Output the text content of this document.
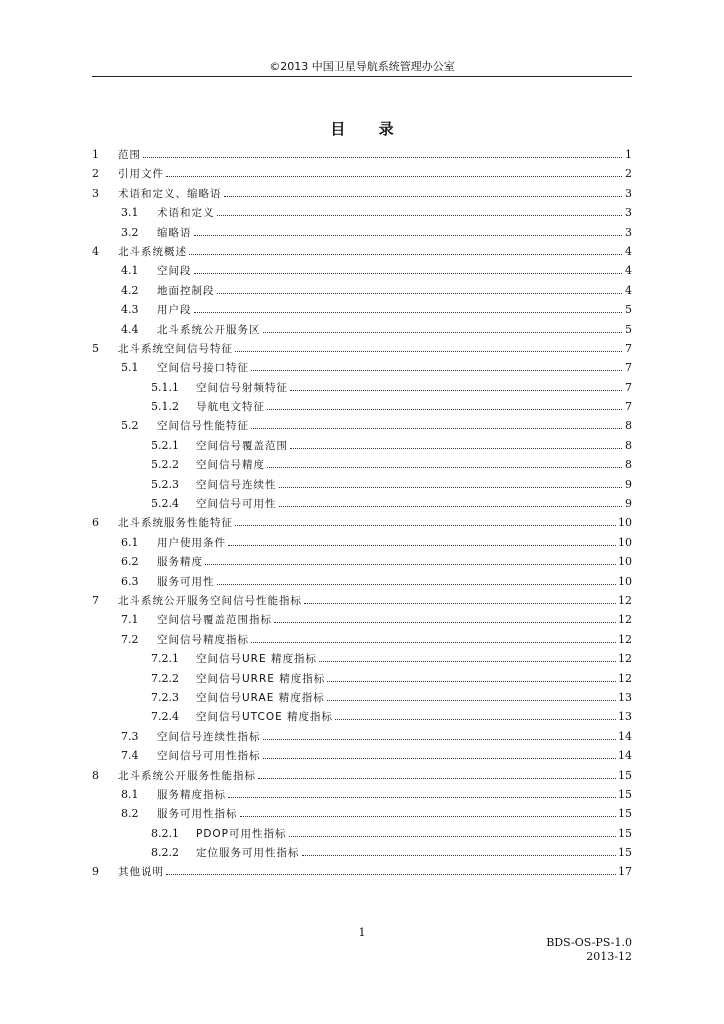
©2013 中国卫星导航系统管理办公室
目 录
1	范围	1
2	引用文件	2
3	术语和定义、缩略语	3
3.1	术语和定义	3
3.2	缩略语	3
4	北斗系统概述	4
4.1	空间段	4
4.2	地面控制段	4
4.3	用户段	5
4.4	北斗系统公开服务区	5
5	北斗系统空间信号特征	7
5.1	空间信号接口特征	7
5.1.1	空间信号射频特征	7
5.1.2	导航电文特征	7
5.2	空间信号性能特征	8
5.2.1	空间信号覆盖范围	8
5.2.2	空间信号精度	8
5.2.3	空间信号连续性	9
5.2.4	空间信号可用性	9
6	北斗系统服务性能特征	10
6.1	用户使用条件	10
6.2	服务精度	10
6.3	服务可用性	10
7	北斗系统公开服务空间信号性能指标	12
7.1	空间信号覆盖范围指标	12
7.2	空间信号精度指标	12
7.2.1	空间信号URE 精度指标	12
7.2.2	空间信号URRE 精度指标	12
7.2.3	空间信号URAE 精度指标	13
7.2.4	空间信号UTCOE 精度指标	13
7.3	空间信号连续性指标	14
7.4	空间信号可用性指标	14
8	北斗系统公开服务性能指标	15
8.1	服务精度指标	15
8.2	服务可用性指标	15
8.2.1	PDOP可用性指标	15
8.2.2	定位服务可用性指标	15
9	其他说明	17
1
BDS-OS-PS-1.0
2013-12
